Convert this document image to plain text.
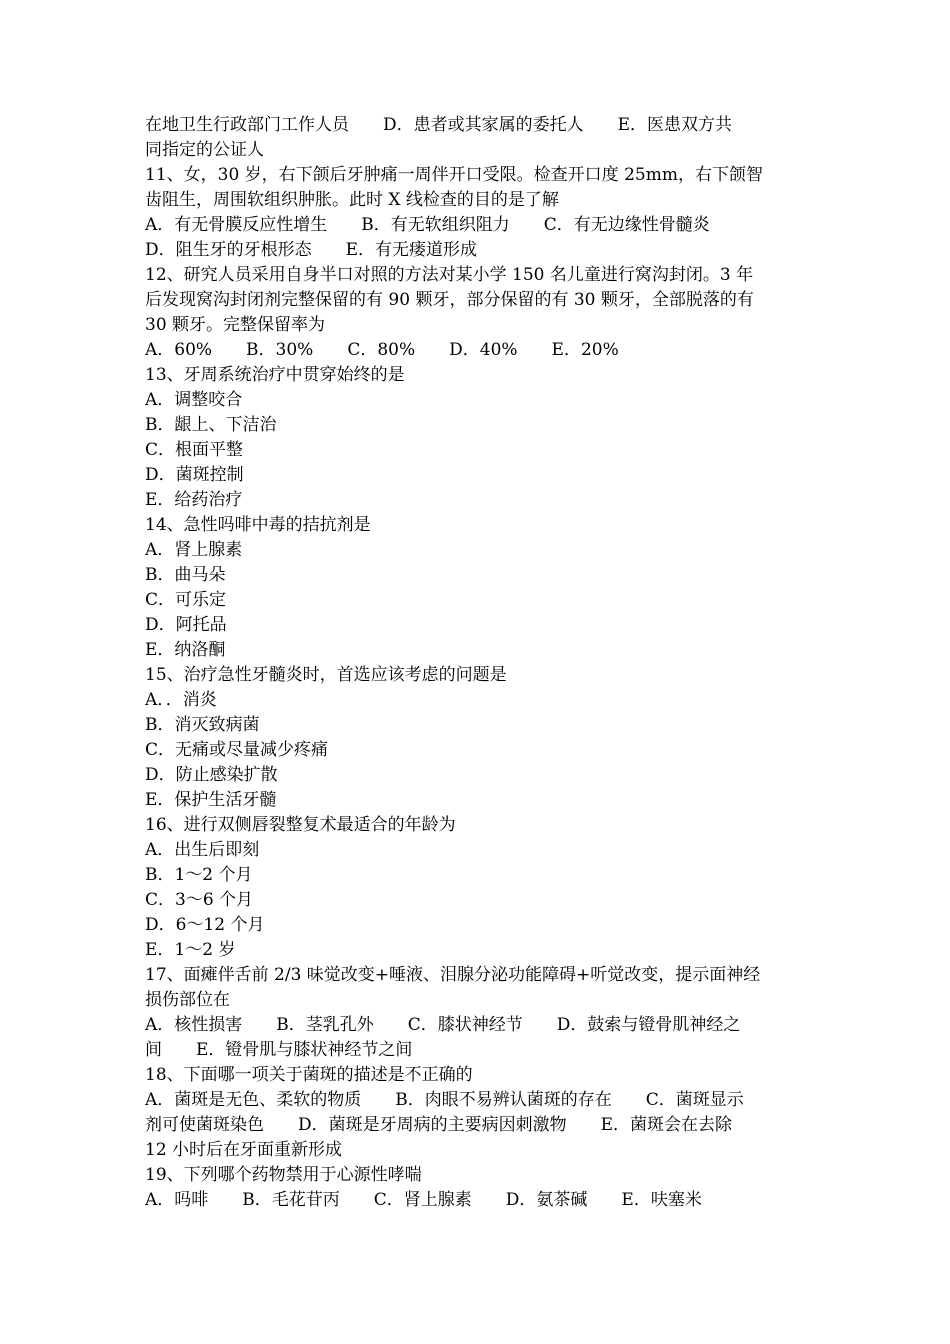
在地卫生行政部门工作人员　　D．患者或其家属的委托人　　E．医患双方共
同指定的公证人
11、女，30 岁，右下颌后牙肿痛一周伴开口受限。检查开口度 25mm，右下颌智
齿阻生，周围软组织肿胀。此时 X 线检查的目的是了解
A．有无骨膜反应性增生　　B．有无软组织阻力　　C．有无边缘性骨髓炎
D．阻生牙的牙根形态　　E．有无瘘道形成
12、研究人员采用自身半口对照的方法对某小学 150 名儿童进行窝沟封闭。3 年
后发现窝沟封闭剂完整保留的有 90 颗牙，部分保留的有 30 颗牙，全部脱落的有
30 颗牙。完整保留率为
A．60%　　B．30%　　C．80%　　D．40%　　E．20%
13、牙周系统治疗中贯穿始终的是
A．调整咬合
B．龈上、下洁治
C．根面平整
D．菌斑控制
E．给药治疗
14、急性吗啡中毒的拮抗剂是
A．肾上腺素
B．曲马朵
C．可乐定
D．阿托品
E．纳洛酮
15、治疗急性牙髓炎时，首选应该考虑的问题是
A．．消炎
B．消灭致病菌
C．无痛或尽量减少疼痛
D．防止感染扩散
E．保护生活牙髓
16、进行双侧唇裂整复术最适合的年龄为
A．出生后即刻
B．1～2 个月
C．3～6 个月
D．6～12 个月
E．1～2 岁
17、面瘫伴舌前 2/3 味觉改变+唾液、泪腺分泌功能障碍+听觉改变，提示面神经
损伤部位在
A．核性损害　　B．茎乳孔外　　C．膝状神经节　　D．鼓索与镫骨肌神经之
间　　E．镫骨肌与膝状神经节之间
18、下面哪一项关于菌斑的描述是不正确的
A．菌斑是无色、柔软的物质　　B．肉眼不易辨认菌斑的存在　　C．菌斑显示
剂可使菌斑染色　　D．菌斑是牙周病的主要病因刺激物　　E．菌斑会在去除
12 小时后在牙面重新形成
19、下列哪个药物禁用于心源性哮喘
A．吗啡　　B．毛花苷丙　　C．肾上腺素　　D．氨茶碱　　E．呋塞米
